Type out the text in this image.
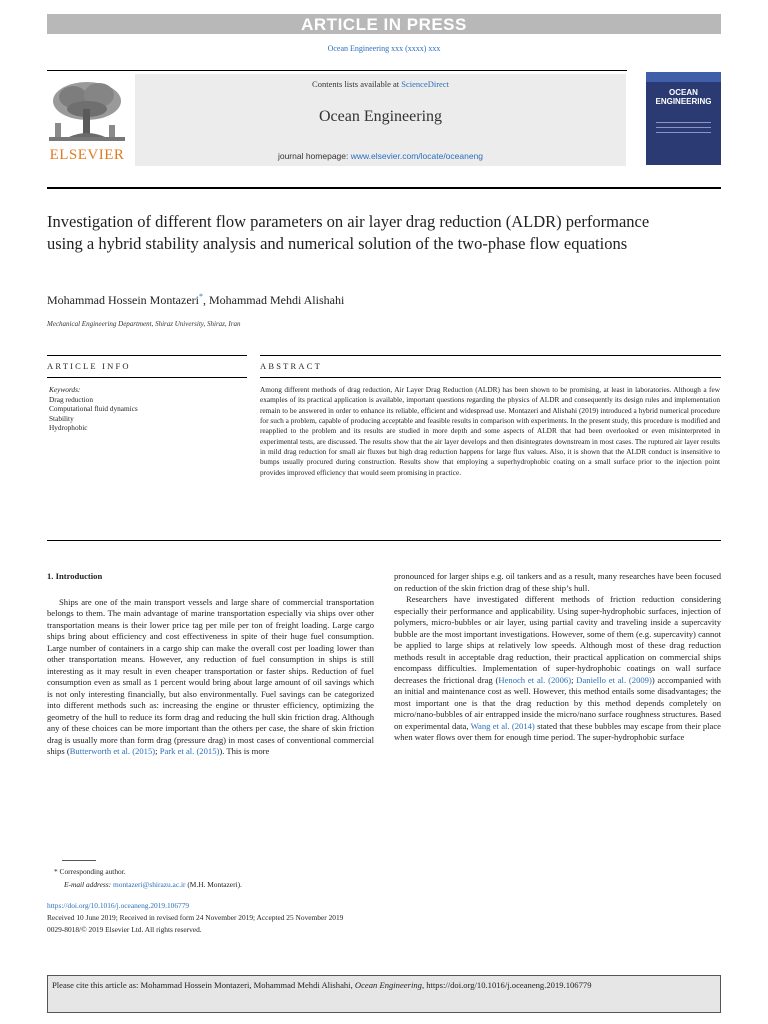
ARTICLE IN PRESS
Ocean Engineering xxx (xxxx) xxx
ELSEVIER
Contents lists available at ScienceDirect
Ocean Engineering
journal homepage: www.elsevier.com/locate/oceaneng
OCEAN
ENGINEERING
Investigation of different flow parameters on air layer drag reduction (ALDR) performance using a hybrid stability analysis and numerical solution of the two-phase flow equations
Mohammad Hossein Montazeri*, Mohammad Mehdi Alishahi
Mechanical Engineering Department, Shiraz University, Shiraz, Iran
ARTICLE INFO	ABSTRACT
Keywords:
Drag reduction
Computational fluid dynamics
Stability
Hydrophobic
Among different methods of drag reduction, Air Layer Drag Reduction (ALDR) has been shown to be promising, at least in laboratories. Although a few examples of its practical application is available, important questions regarding the physics of ALDR and consequently its design rules and implementation remain to be answered in order to enhance its reliable, efficient and widespread use. Montazeri and Alishahi (2019) introduced a hybrid numerical procedure for such a problem, capable of producing acceptable and feasible results in comparison with experiments. In the present study, this procedure is modified and reapplied to the problem and its results are studied in more depth and some aspects of ALDR that had been overlooked or even misinterpreted in experimental tests, are discussed. The results show that the air layer develops and then disintegrates downstream in most cases. The ruptured air layer results in mild drag reduction for small air fluxes but high drag reduction happens for large flux values. Also, it is shown that the ALDR conduct is insensitive to bumps usually procured during construction. Results show that employing a superhydrophobic coating on a small surface prior to the injection point provides improved efficiency that would seem promising in practice.
1. Introduction

Ships are one of the main transport vessels and large share of commercial transportation belongs to them. The main advantage of marine transportation especially via ships over other transportation means is their lower price tag per mile per ton of freight loading. Large cargo ships bring about efficiency and cost effectiveness in spite of their huge fuel consumption. Large number of containers in a cargo ship can make the overall cost per loading lower than other transportation means. However, any reduction of fuel consumption in ships is still interesting as it may result in even cheaper transportation or faster ships. Reduction of fuel consumption even as small as 1 percent would bring about large amount of oil savings which is not only interesting financially, but also environmentally. Fuel savings can be categorized into different methods such as: increasing the engine or thruster efficiency, optimizing the geometry of the hull to reduce its form drag and reducing the hull skin friction drag. Although any of these choices can be more important than the others per case, the share of skin friction drag is usually more than form drag (pressure drag) in most cases of conventional commercial ships (Butterworth et al. (2015); Park et al. (2015)). This is more

pronounced for larger ships e.g. oil tankers and as a result, many researches have been focused on reduction of the skin friction drag of these ship’s hull.

Researchers have investigated different methods of friction reduction considering especially their performance and applicability. Using super-hydrophobic surfaces, injection of polymers, micro-bubbles or air layer, using partial cavity and traveling inside a supercavity bubble are the most important investigations. However, some of them (e.g. supercavity) cannot be applied to large ships at relatively low speeds. Although most of these drag reduction methods result in acceptable drag reduction, their practical application on commercial ships encompass difficulties. Implementation of super-hydrophobic coatings on wall surface decreases the frictional drag (Henoch et al. (2006); Daniello et al. (2009)) accompanied with an initial and maintenance cost as well. However, this method entails some disadvantages; the most important one is that the drag reduction by this method depends completely on micro/nano-bubbles of air entrapped inside the micro/nano surface roughness structures. Based on experimental data, Wang et al. (2014) stated that these bubbles may escape from their place when water flows over them for enough time period. The super-hydrophobic surface

* Corresponding author.
E-mail address: montazeri@shirazu.ac.ir (M.H. Montazeri).
https://doi.org/10.1016/j.oceaneng.2019.106779
Received 10 June 2019; Received in revised form 24 November 2019; Accepted 25 November 2019
0029-8018/© 2019 Elsevier Ltd. All rights reserved.
Please cite this article as: Mohammad Hossein Montazeri, Mohammad Mehdi Alishahi, Ocean Engineering, https://doi.org/10.1016/j.oceaneng.2019.106779
